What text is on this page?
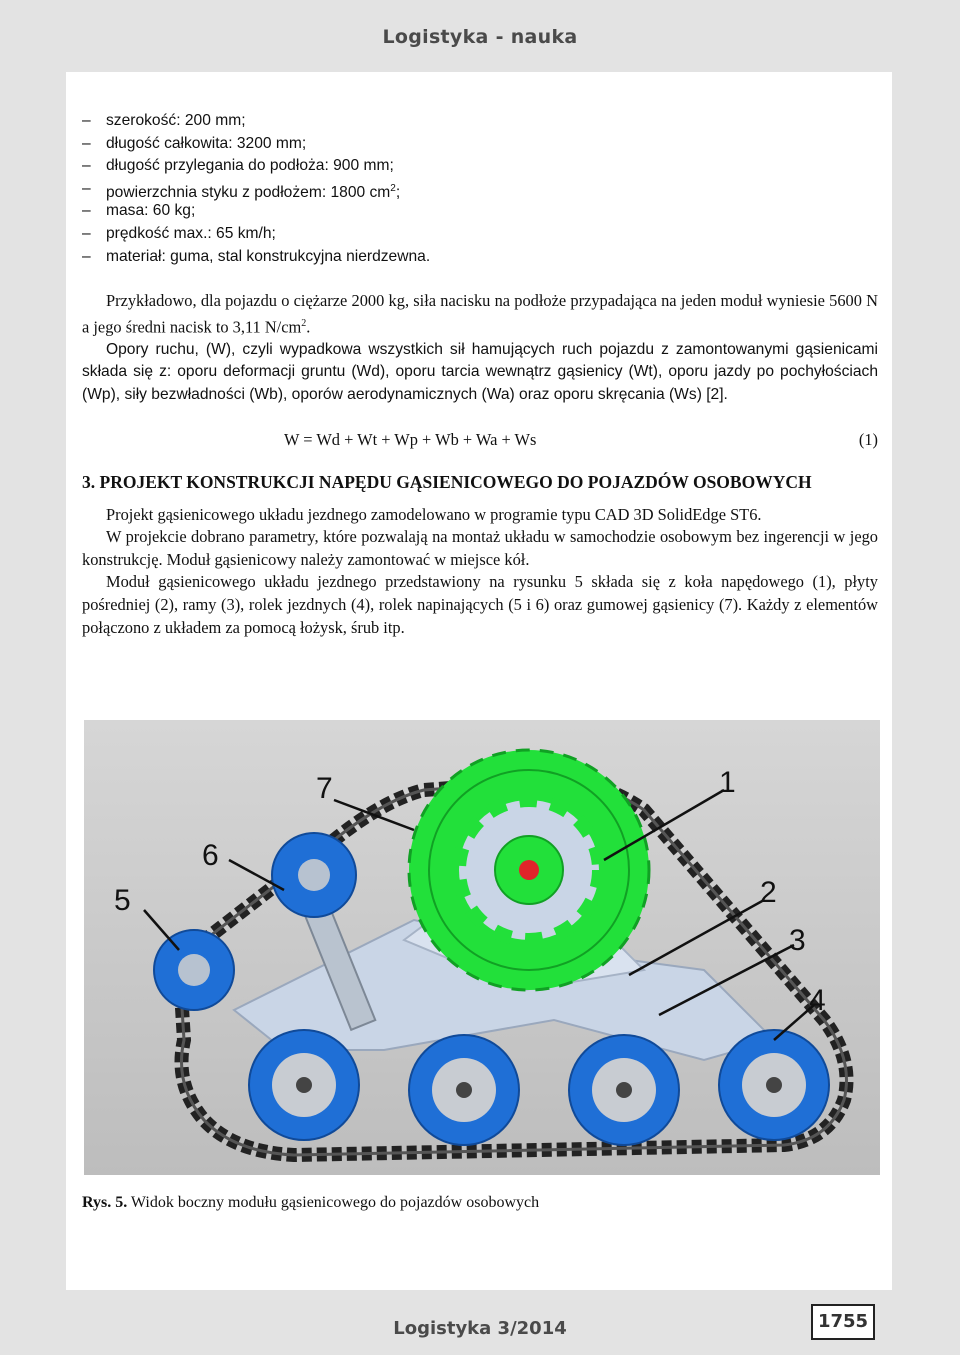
Logistyka - nauka
– szerokość: 200 mm;
– długość całkowita: 3200 mm;
– długość przylegania do podłoża: 900 mm;
– powierzchnia styku z podłożem: 1800 $cm^2$;
– masa: 60 kg;
– prędkość max.: 65 km/h;
– materiał: guma, stal konstrukcyjna nierdzewna.

Przykładowo, dla pojazdu o ciężarze 2000 kg, siła nacisku na podłoże przypadająca na jeden moduł wyniesie 5600 N a jego średni nacisk to 3,11 $N/cm^2$.

Opory ruchu, (W), czyli wypadkowa wszystkich sił hamujących ruch pojazdu z zamontowanymi gąsienicami składa się z: oporu deformacji gruntu (Wd), oporu tarcia wewnątrz gąsienicy (Wt), oporu jazdy po pochyłościach (Wp), siły bezwładności (Wb), oporów aerodynamicznych (Wa) oraz oporu skręcania (Ws) [2].

W = Wd + Wt + Wp + Wb + Wa + Ws	(1)
3. PROJEKT KONSTRUKCJI NAPĘDU GĄSIENICOWEGO DO POJAZDÓW OSOBOWYCH

Projekt gąsienicowego układu jezdnego zamodelowano w programie typu CAD 3D SolidEdge ST6.

W projekcie dobrano parametry, które pozwalają na montaż układu w samochodzie osobowym bez ingerencji w jego konstrukcję. Moduł gąsienicowy należy zamontować w miejsce kół.

Moduł gąsienicowego układu jezdnego przedstawiony na rysunku 5 składa się z koła napędowego (1), płyty pośredniej (2), ramy (3), rolek jezdnych (4), rolek napinających (5 i 6) oraz gumowej gąsienicy (7). Każdy z elementów połączono z układem za pomocą łożysk, śrub itp.

1
2
3
4
5
6
7
Rys. 5. Widok boczny modułu gąsienicowego do pojazdów osobowych
Logistyka 3/2014	1755
